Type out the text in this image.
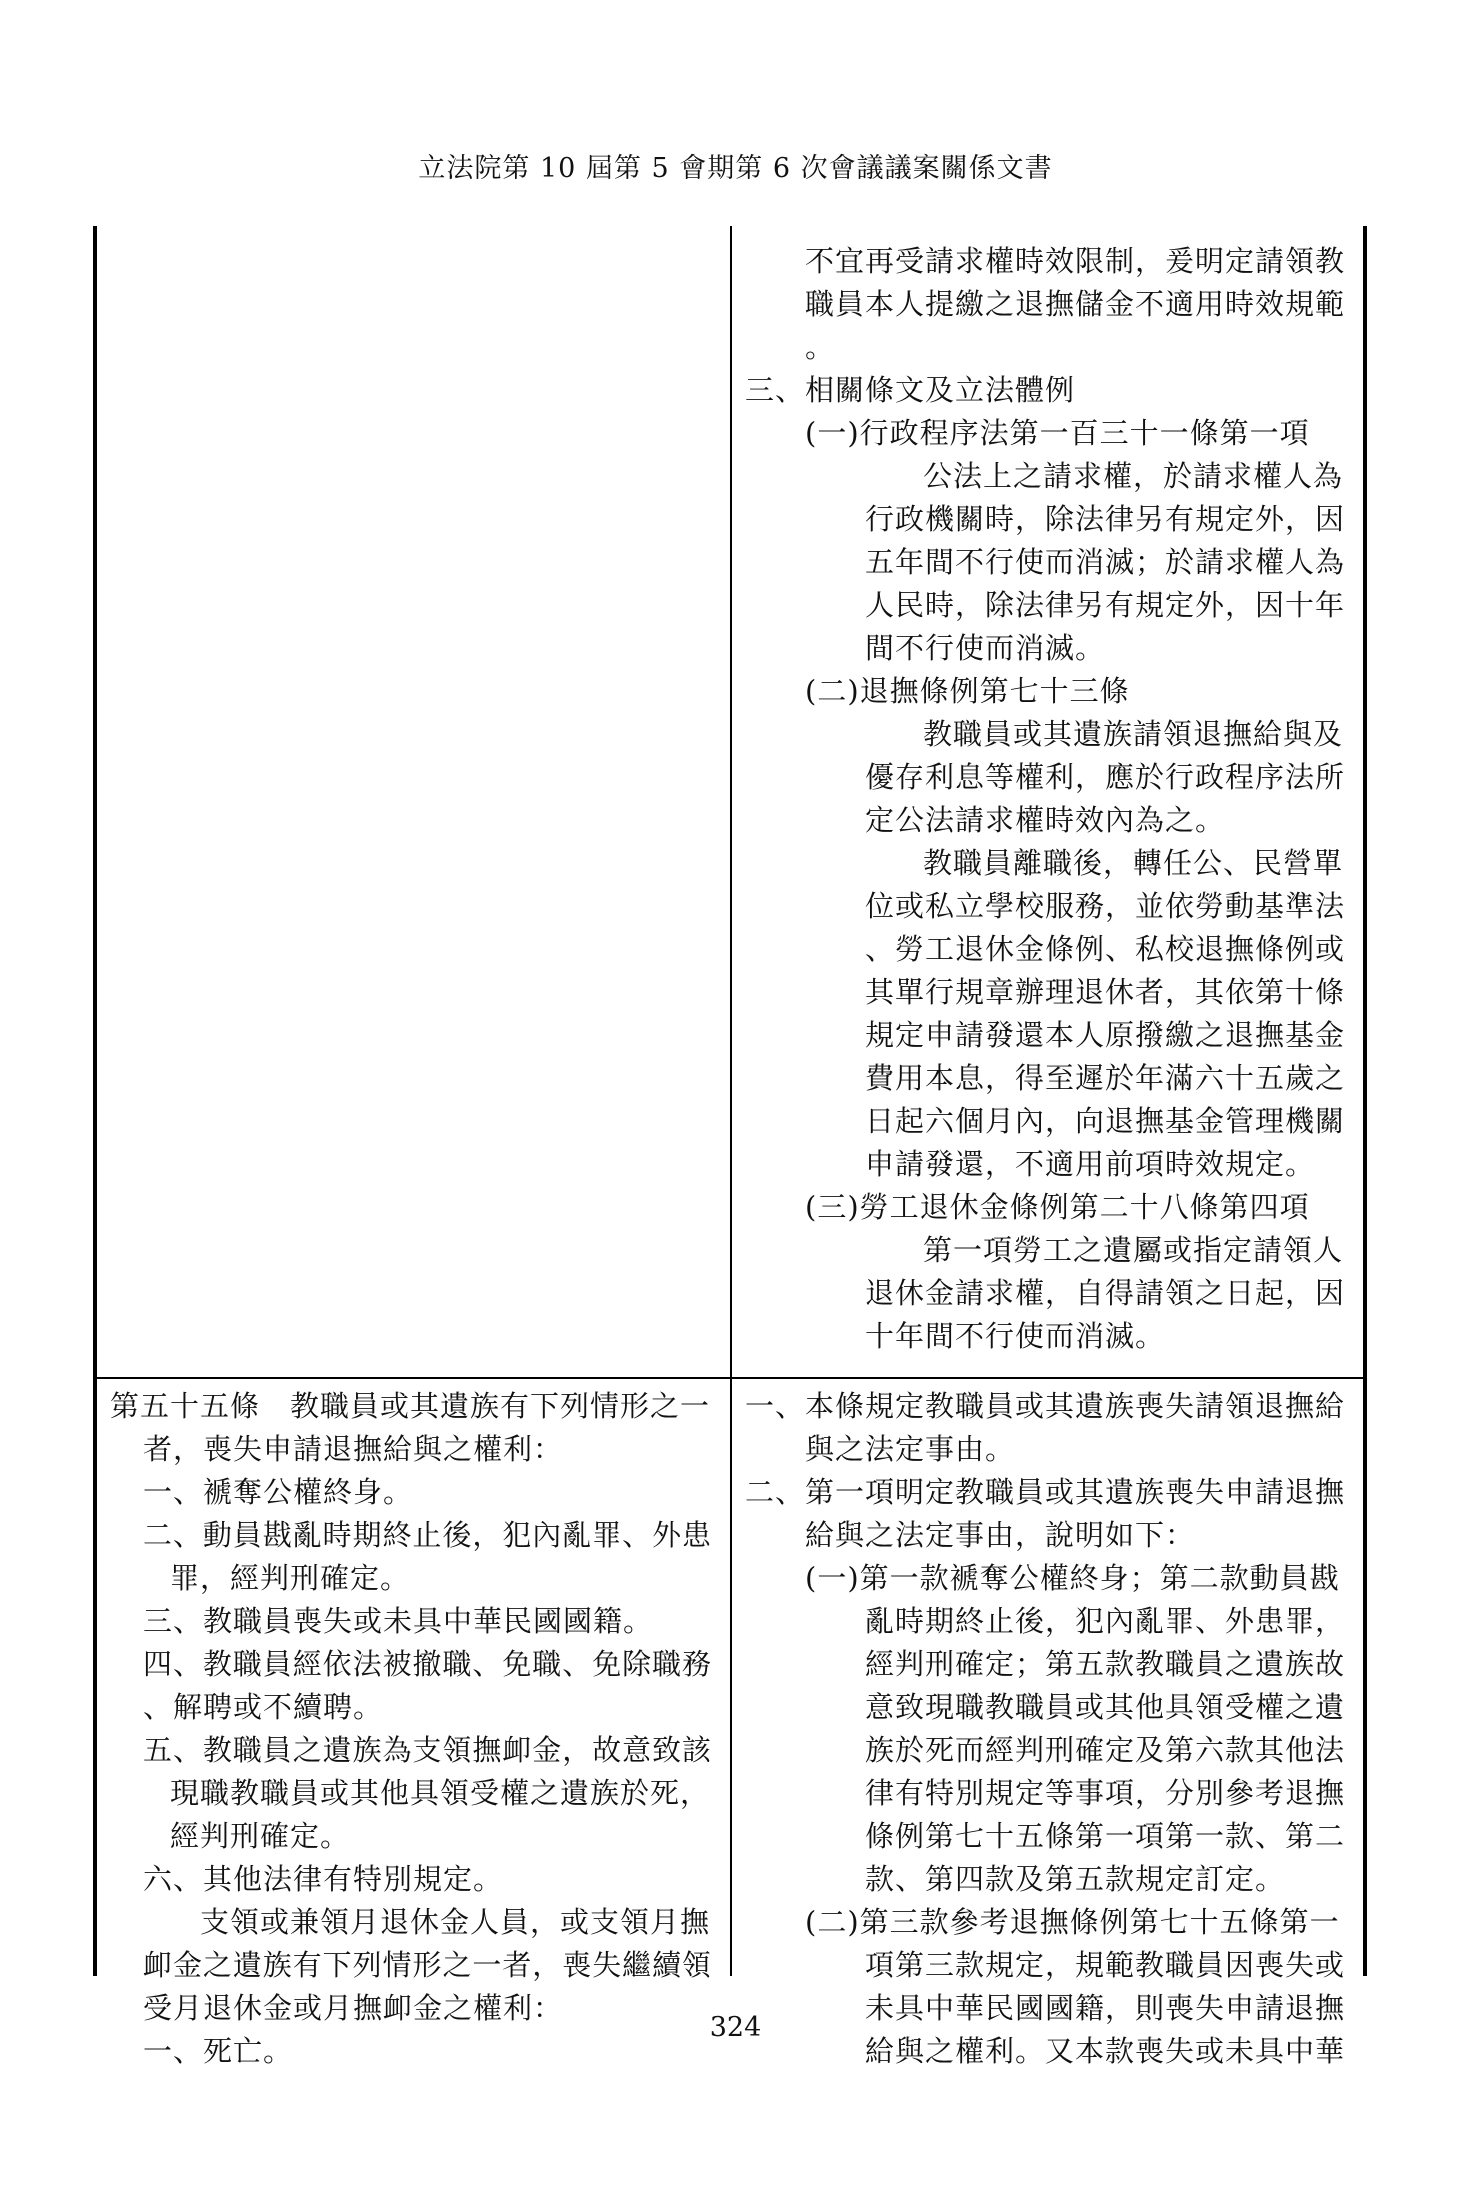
立法院第 10 屆第 5 會期第 6 次會議議案關係文書
不宜再受請求權時效限制，爰明定請領教
職員本人提繳之退撫儲金不適用時效規範
。
三、相關條文及立法體例
(一)行政程序法第一百三十一條第一項
公法上之請求權，於請求權人為
行政機關時，除法律另有規定外，因
五年間不行使而消滅；於請求權人為
人民時，除法律另有規定外，因十年
間不行使而消滅。
(二)退撫條例第七十三條
教職員或其遺族請領退撫給與及
優存利息等權利，應於行政程序法所
定公法請求權時效內為之。
教職員離職後，轉任公、民營單
位或私立學校服務，並依勞動基準法
、勞工退休金條例、私校退撫條例或
其單行規章辦理退休者，其依第十條
規定申請發還本人原撥繳之退撫基金
費用本息，得至遲於年滿六十五歲之
日起六個月內，向退撫基金管理機關
申請發還，不適用前項時效規定。
(三)勞工退休金條例第二十八條第四項
第一項勞工之遺屬或指定請領人
退休金請求權，自得請領之日起，因
十年間不行使而消滅。
第五十五條　教職員或其遺族有下列情形之一
者，喪失申請退撫給與之權利：
一、褫奪公權終身。
二、動員戡亂時期終止後，犯內亂罪、外患
罪，經判刑確定。
三、教職員喪失或未具中華民國國籍。
四、教職員經依法被撤職、免職、免除職務
、解聘或不續聘。
五、教職員之遺族為支領撫卹金，故意致該
現職教職員或其他具領受權之遺族於死，
經判刑確定。
六、其他法律有特別規定。
支領或兼領月退休金人員，或支領月撫
卹金之遺族有下列情形之一者，喪失繼續領
受月退休金或月撫卹金之權利：
一、死亡。
一、本條規定教職員或其遺族喪失請領退撫給
與之法定事由。
二、第一項明定教職員或其遺族喪失申請退撫
給與之法定事由，說明如下：
(一)第一款褫奪公權終身；第二款動員戡
亂時期終止後，犯內亂罪、外患罪，
經判刑確定；第五款教職員之遺族故
意致現職教職員或其他具領受權之遺
族於死而經判刑確定及第六款其他法
律有特別規定等事項，分別參考退撫
條例第七十五條第一項第一款、第二
款、第四款及第五款規定訂定。
(二)第三款參考退撫條例第七十五條第一
項第三款規定，規範教職員因喪失或
未具中華民國國籍，則喪失申請退撫
給與之權利。又本款喪失或未具中華
324
